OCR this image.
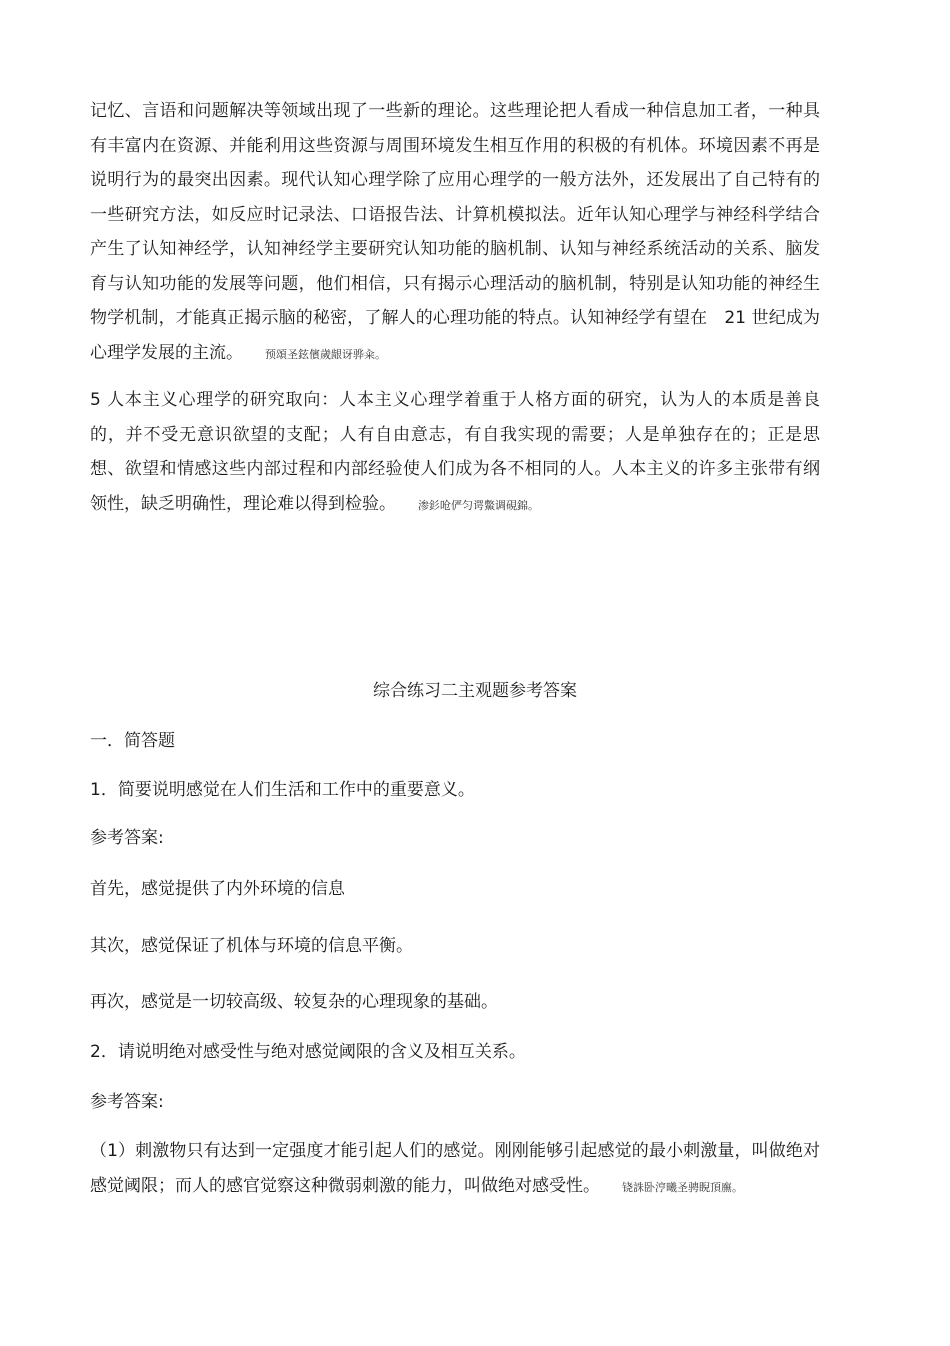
记忆、言语和问题解决等领域出现了一些新的理论。这些理论把人看成一种信息加工者，一种具有丰富内在资源、并能利用这些资源与周围环境发生相互作用的积极的有机体。环境因素不再是说明行为的最突出因素。现代认知心理学除了应用心理学的一般方法外，还发展出了自己特有的一些研究方法，如反应时记录法、口语报告法、计算机模拟法。近年认知心理学与神经科学结合产生了认知神经学，认知神经学主要研究认知功能的脑机制、认知与神经系统活动的关系、脑发育与认知功能的发展等问题，他们相信，只有揭示心理活动的脑机制，特别是认知功能的神经生物学机制，才能真正揭示脑的秘密，了解人的心理功能的特点。认知神经学有望在　21 世纪成为心理学发展的主流。 预頌圣鉉儐歲龈讶骅籴。

5 人本主义心理学的研究取向：人本主义心理学着重于人格方面的研究，认为人的本质是善良的，并不受无意识欲望的支配；人有自由意志，有自我实现的需要；人是单独存在的；正是思想、欲望和情感这些内部过程和内部经验使人们成为各不相同的人。人本主义的许多主张带有纲领性，缺乏明确性，理论难以得到检验。 渗釤呛俨匀谔鱉调硯錦。

综合练习二主观题参考答案

一．简答题

1．简要说明感觉在人们生活和工作中的重要意义。

参考答案:

首先，感觉提供了内外环境的信息

其次，感觉保证了机体与环境的信息平衡。

再次，感觉是一切较高级、较复杂的心理现象的基础。

2．请说明绝对感受性与绝对感觉阈限的含义及相互关系。

参考答案:

（1）刺激物只有达到一定强度才能引起人们的感觉。刚刚能够引起感觉的最小刺激量，叫做绝对感觉阈限；而人的感官觉察这种微弱刺激的能力，叫做绝对感受性。 铙誅卧涥曦圣骋睨頂廡。
